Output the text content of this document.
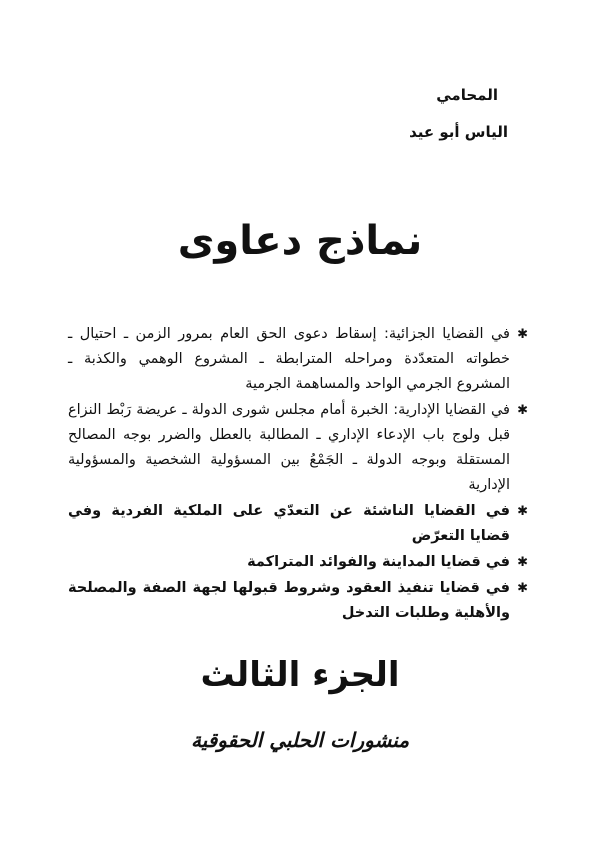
المحامي
الياس أبو عيد
نماذج دعاوى
✱
في القضايا الجزائية: إسقاط دعوى الحق العام بمرور الزمن ـ احتيال ـ خطواته المتعدّدة ومراحله المترابطة ـ المشروع الوهمي والكذبة ـ المشروع الجرمي الواحد والمساهمة الجرمية
✱
في القضايا الإدارية: الخبرة أمام مجلس شورى الدولة ـ عريضة رَبْط النزاع قبل ولوج باب الإدعاء الإداري ـ المطالبة بالعطل والضرر بوجه المصالح المستقلة وبوجه الدولة ـ الجَمْعُ بين المسؤولية الشخصية والمسؤولية الإدارية
✱
في القضايا الناشئة عن التعدّي على الملكية الفردية وفي قضايا التعرّض
✱
في قضايا المداينة والفوائد المتراكمة
✱
في قضايا تنفيذ العقود وشروط قبولها لجهة الصفة والمصلحة والأهلية وطلبات التدخل
الجزء الثالث

منشورات الحلبي الحقوقية
